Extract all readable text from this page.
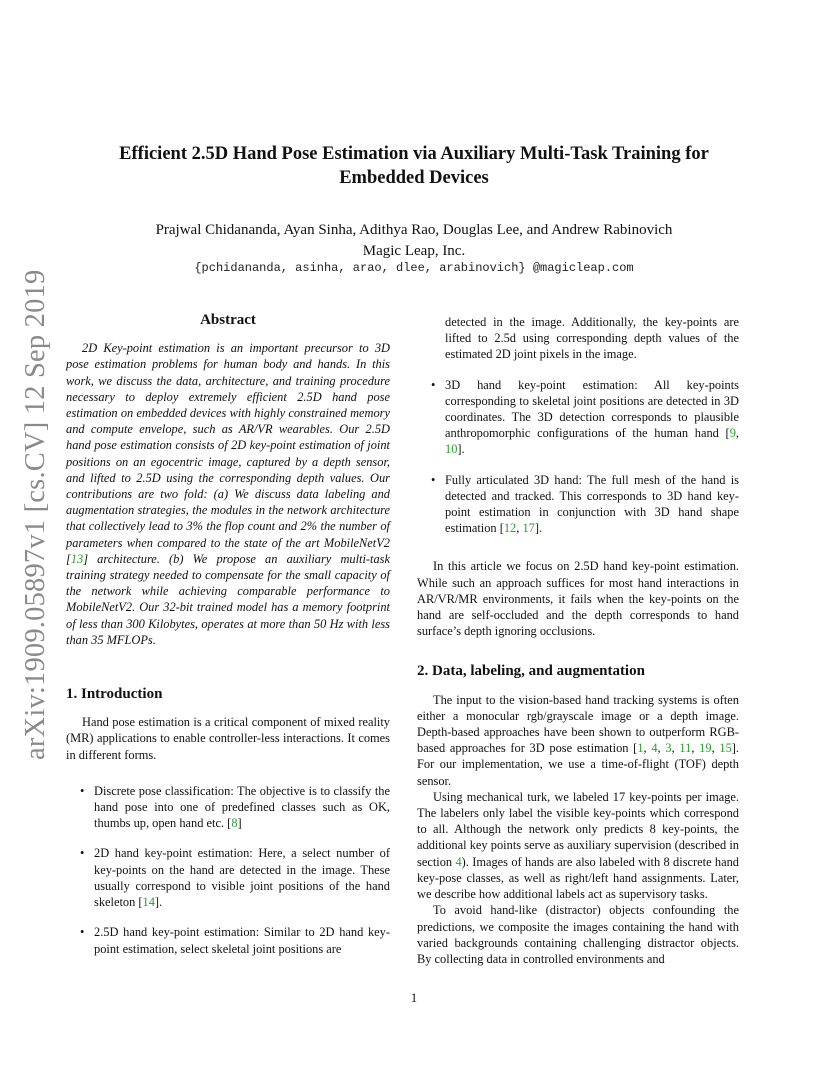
arXiv:1909.05897v1 [cs.CV] 12 Sep 2019
Efficient 2.5D Hand Pose Estimation via Auxiliary Multi-Task Training for
Embedded Devices
Prajwal Chidananda, Ayan Sinha, Adithya Rao, Douglas Lee, and Andrew Rabinovich
Magic Leap, Inc.
{pchidananda, asinha, arao, dlee, arabinovich} @magicleap.com
Abstract

2D Key-point estimation is an important precursor to 3D pose estimation problems for human body and hands. In this work, we discuss the data, architecture, and training procedure necessary to deploy extremely efficient 2.5D hand pose estimation on embedded devices with highly constrained memory and compute envelope, such as AR/VR wearables. Our 2.5D hand pose estimation consists of 2D key-point estimation of joint positions on an egocentric image, captured by a depth sensor, and lifted to 2.5D using the corresponding depth values. Our contributions are two fold: (a) We discuss data labeling and augmentation strategies, the modules in the network architecture that collectively lead to 3% the flop count and 2% the number of parameters when compared to the state of the art MobileNetV2 [13] architecture. (b) We propose an auxiliary multi-task training strategy needed to compensate for the small capacity of the network while achieving comparable performance to MobileNetV2. Our 32-bit trained model has a memory footprint of less than 300 Kilobytes, operates at more than 50 Hz with less than 35 MFLOPs.

1. Introduction

Hand pose estimation is a critical component of mixed reality (MR) applications to enable controller-less interactions. It comes in different forms.

• Discrete pose classification: The objective is to classify the hand pose into one of predefined classes such as OK, thumbs up, open hand etc. [8]
• 2D hand key-point estimation: Here, a select number of key-points on the hand are detected in the image. These usually correspond to visible joint positions of the hand skeleton [14].
• 2.5D hand key-point estimation: Similar to 2D hand key-point estimation, select skeletal joint positions are

detected in the image. Additionally, the key-points are lifted to 2.5d using corresponding depth values of the estimated 2D joint pixels in the image.

• 3D hand key-point estimation: All key-points corresponding to skeletal joint positions are detected in 3D coordinates. The 3D detection corresponds to plausible anthropomorphic configurations of the human hand [9, 10].
• Fully articulated 3D hand: The full mesh of the hand is detected and tracked. This corresponds to 3D hand key-point estimation in conjunction with 3D hand shape estimation [12, 17].

In this article we focus on 2.5D hand key-point estimation. While such an approach suffices for most hand interactions in AR/VR/MR environments, it fails when the key-points on the hand are self-occluded and the depth corresponds to hand surface’s depth ignoring occlusions.

2. Data, labeling, and augmentation

The input to the vision-based hand tracking systems is often either a monocular rgb/grayscale image or a depth image. Depth-based approaches have been shown to outperform RGB-based approaches for 3D pose estimation [1, 4, 3, 11, 19, 15]. For our implementation, we use a time-of-flight (TOF) depth sensor.

Using mechanical turk, we labeled 17 key-points per image. The labelers only label the visible key-points which correspond to all. Although the network only predicts 8 key-points, the additional key points serve as auxiliary supervision (described in section 4). Images of hands are also labeled with 8 discrete hand key-pose classes, as well as right/left hand assignments. Later, we describe how additional labels act as supervisory tasks.

To avoid hand-like (distractor) objects confounding the predictions, we composite the images containing the hand with varied backgrounds containing challenging distractor objects. By collecting data in controlled environments and

1
